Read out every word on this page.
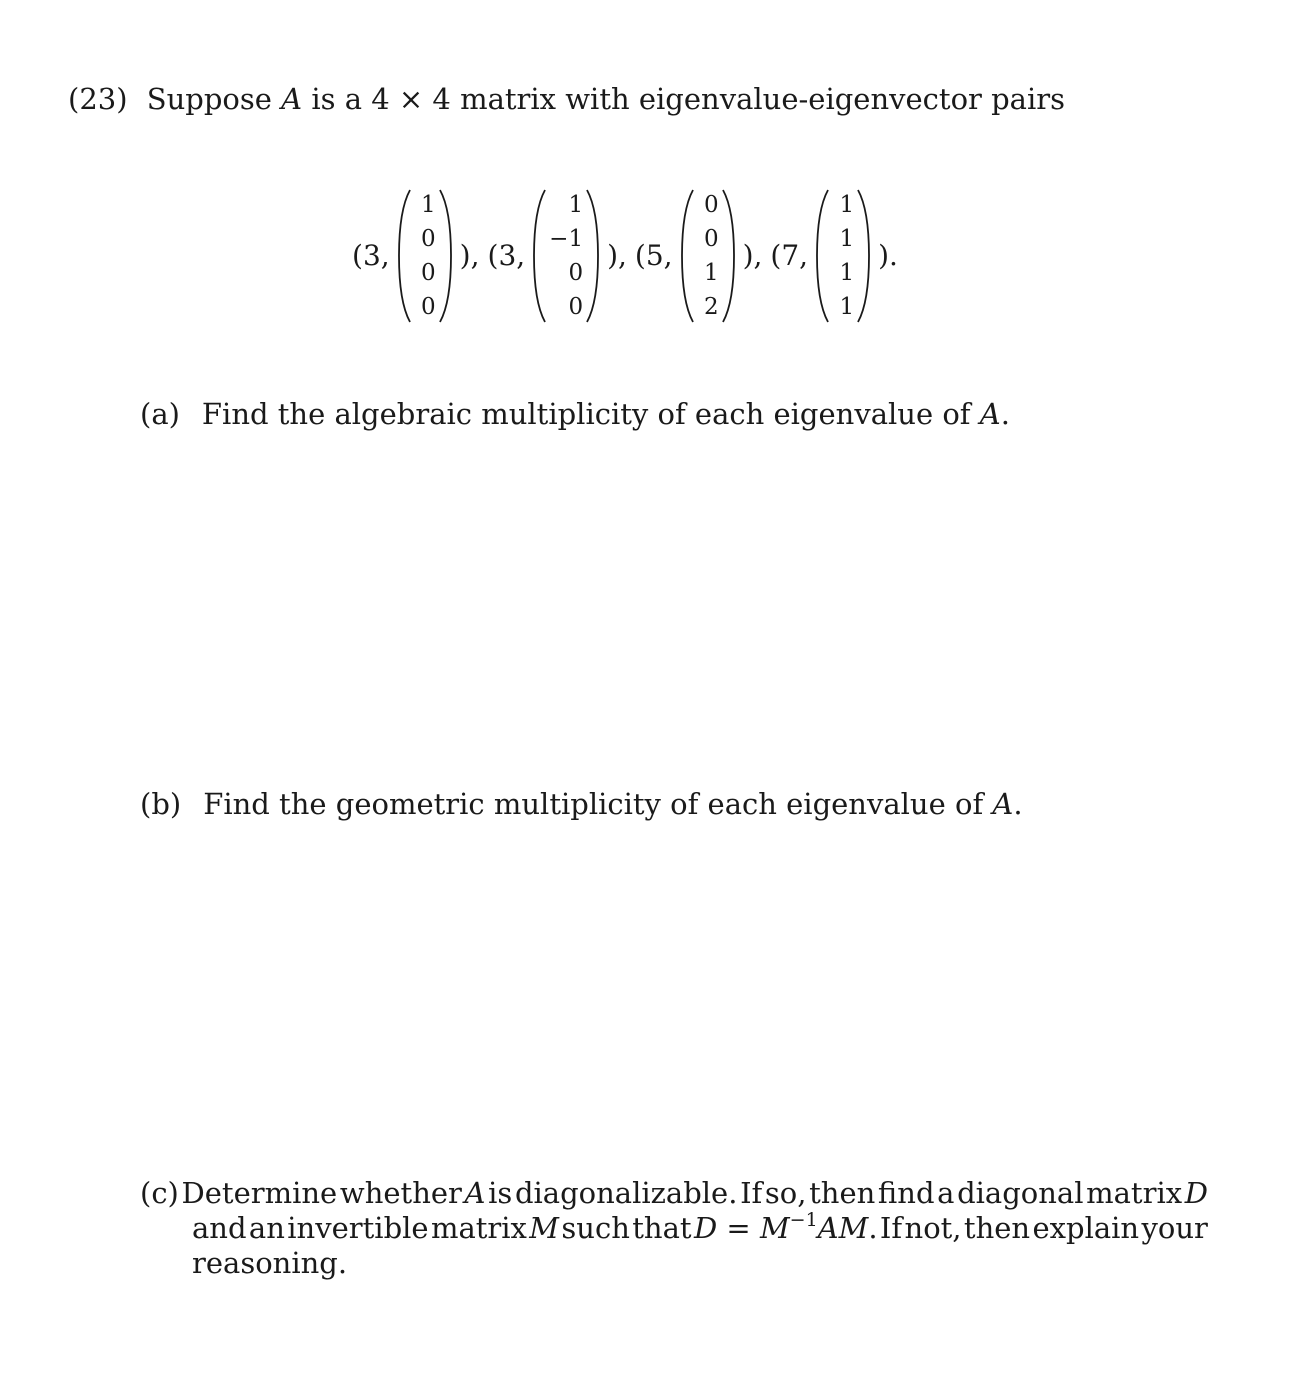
(23) Suppose A is a 4 × 4 matrix with eigenvalue-eigenvector pairs
( 3 ,
1
0
0
0
), ( 3 ,
1
−1
0
0
), ( 5 ,
0
0
1
2
), ( 7 ,
1
1
1
1
).
(a) Find the algebraic multiplicity of each eigenvalue of A.
(b) Find the geometric multiplicity of each eigenvalue of A.
(c) Determine whether A is diagonalizable. If so, then find a diagonal matrix D
and an invertible matrix M such that $D = M^{-1}AM$. If not, then explain your
reasoning.
